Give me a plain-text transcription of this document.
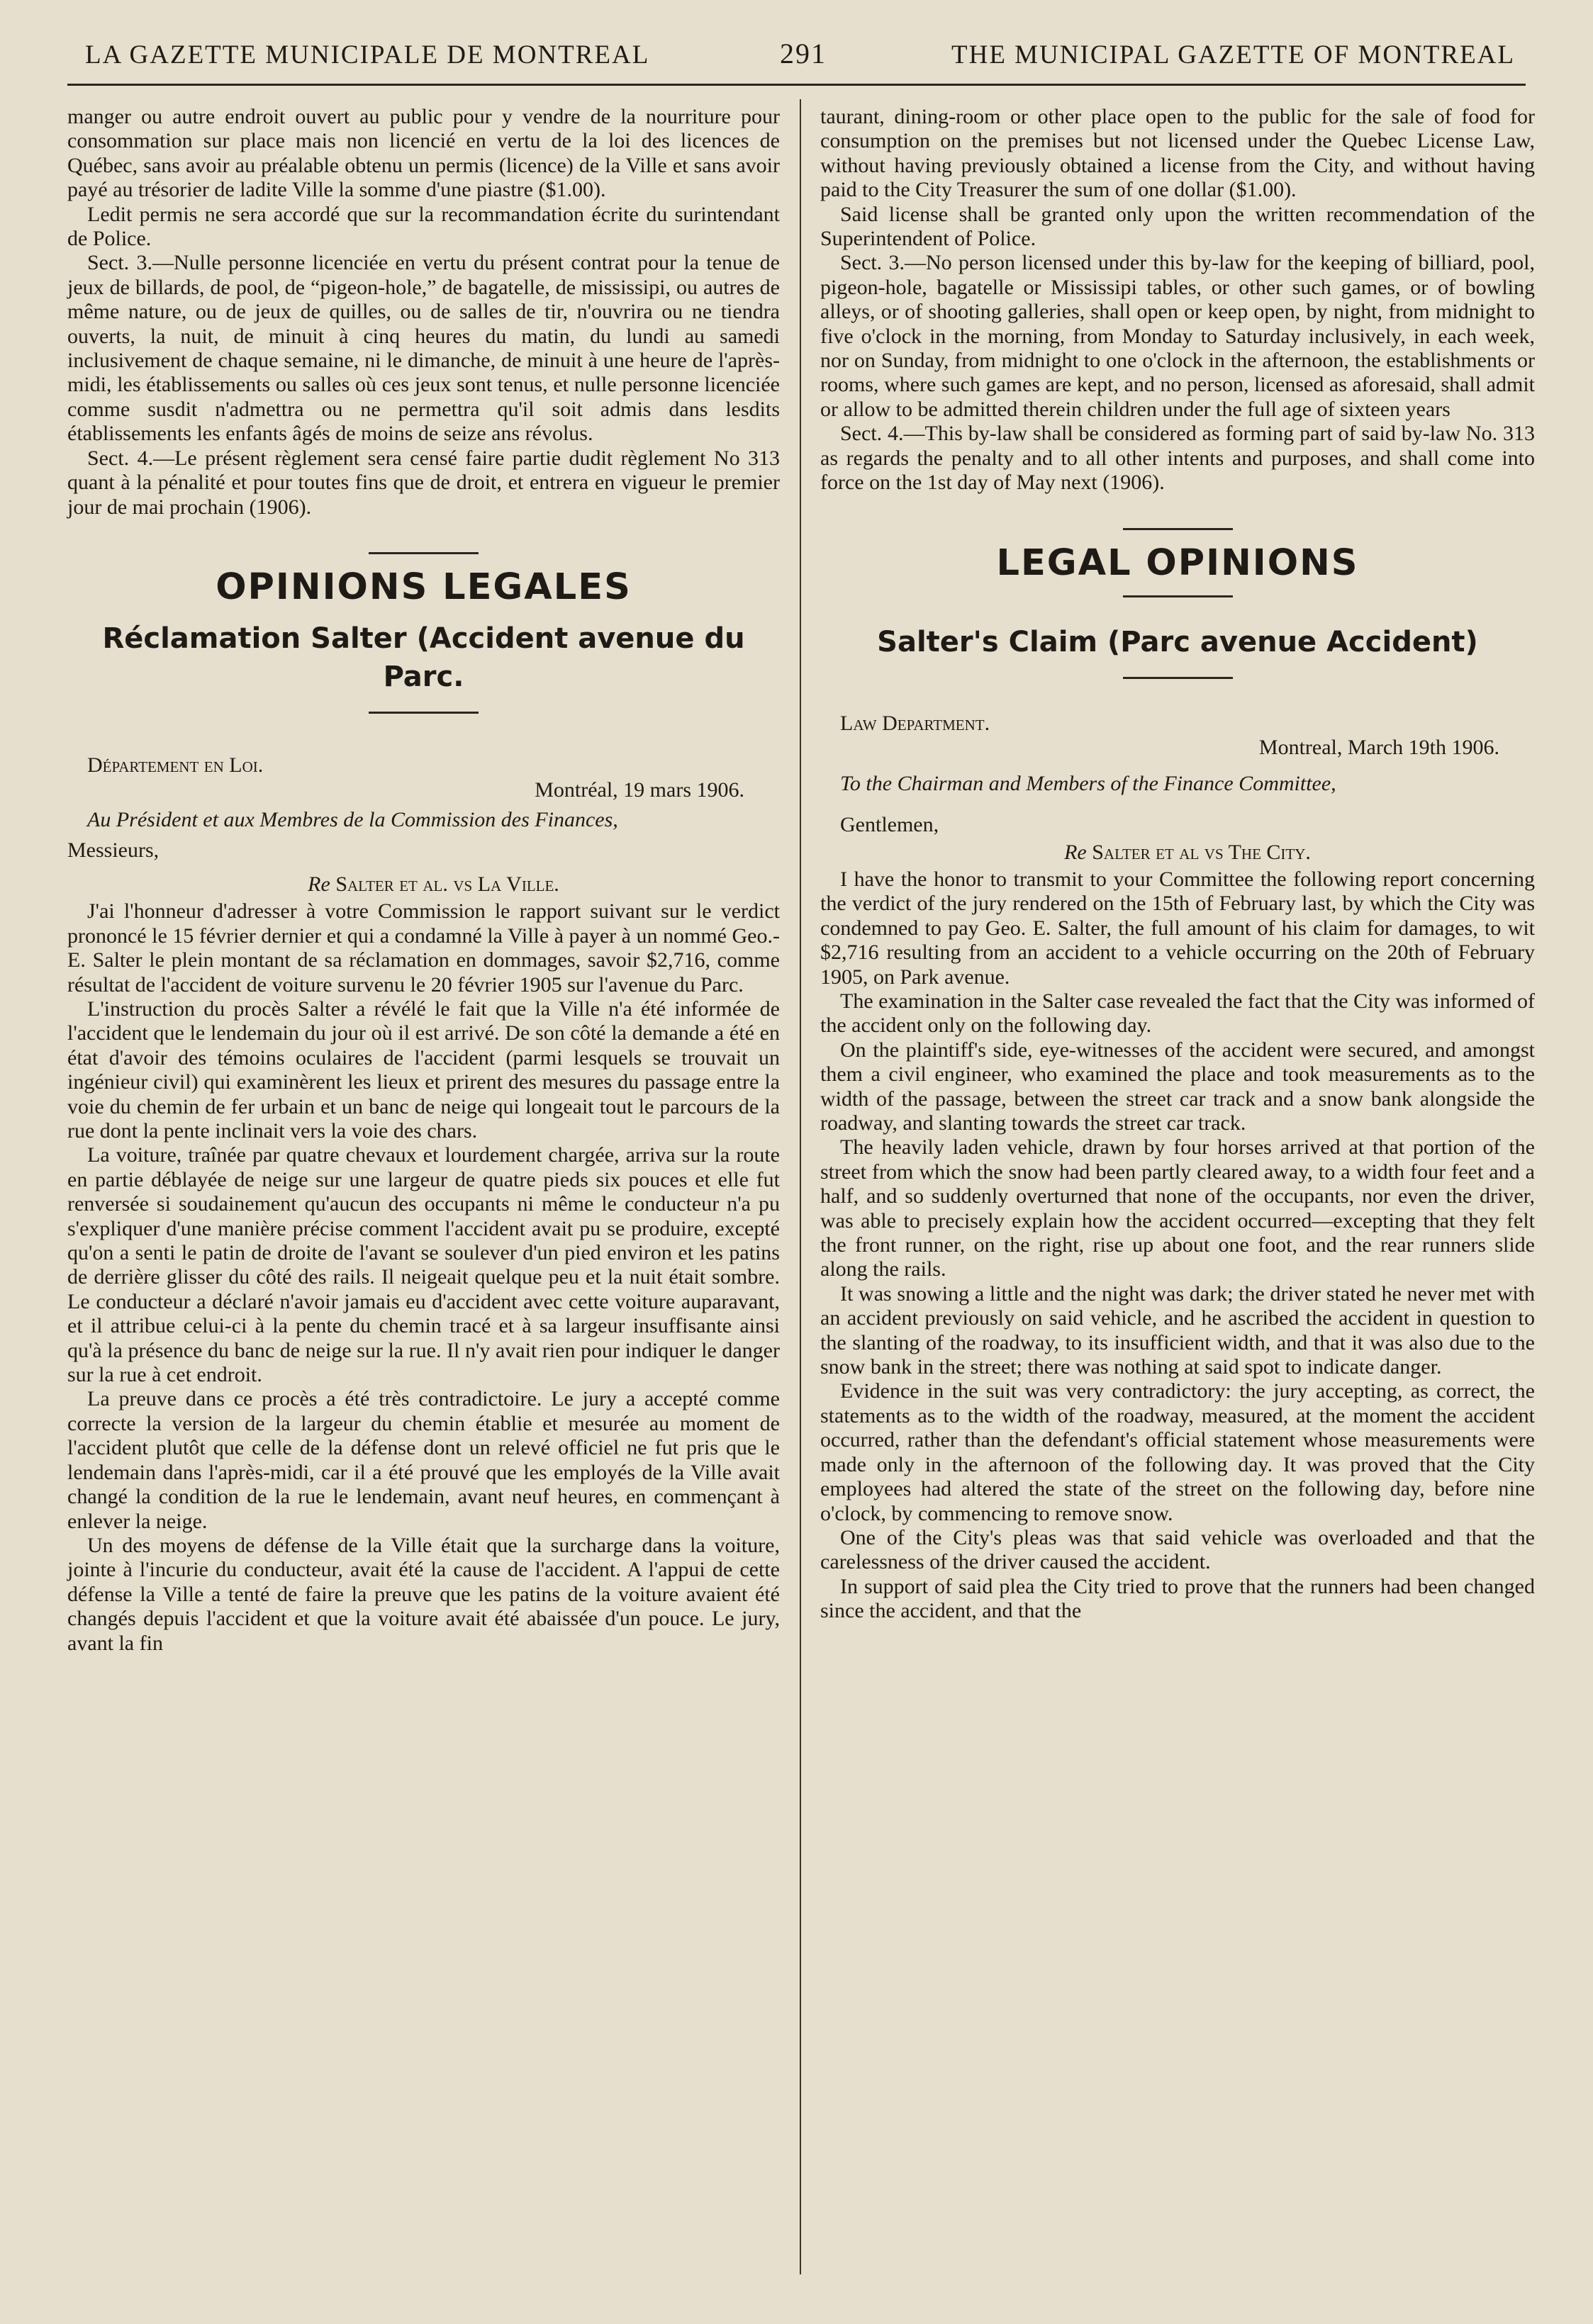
LA GAZETTE MUNICIPALE DE MONTREAL	291	THE MUNICIPAL GAZETTE OF MONTREAL

manger ou autre endroit ouvert au public pour y vendre de la nourriture pour consommation sur place mais non licencié en vertu de la loi des licences de Québec, sans avoir au préalable obtenu un permis (licence) de la Ville et sans avoir payé au trésorier de ladite Ville la somme d'une piastre ($1.00).

Ledit permis ne sera accordé que sur la recommandation écrite du surintendant de Police.

Sect. 3.—Nulle personne licenciée en vertu du présent contrat pour la tenue de jeux de billards, de pool, de “pigeon-hole,” de bagatelle, de mississipi, ou autres de même nature, ou de jeux de quilles, ou de salles de tir, n'ouvrira ou ne tiendra ouverts, la nuit, de minuit à cinq heures du matin, du lundi au samedi inclusivement de chaque semaine, ni le dimanche, de minuit à une heure de l'après-midi, les établissements ou salles où ces jeux sont tenus, et nulle personne licenciée comme susdit n'admettra ou ne permettra qu'il soit admis dans lesdits établissements les enfants âgés de moins de seize ans révolus.

Sect. 4.—Le présent règlement sera censé faire partie dudit règlement No 313 quant à la pénalité et pour toutes fins que de droit, et entrera en vigueur le premier jour de mai prochain (1906).

OPINIONS LEGALES
Réclamation Salter (Accident avenue du Parc.

Département en Loi.

Montréal, 19 mars 1906.

Au Président et aux Membres de la Commission des Finances,

Messieurs,

Re Salter et al. vs La Ville.

J'ai l'honneur d'adresser à votre Commission le rapport suivant sur le verdict prononcé le 15 février dernier et qui a condamné la Ville à payer à un nommé Geo.-E. Salter le plein montant de sa réclamation en dommages, savoir $2,716, comme résultat de l'accident de voiture survenu le 20 février 1905 sur l'avenue du Parc.

L'instruction du procès Salter a révélé le fait que la Ville n'a été informée de l'accident que le lendemain du jour où il est arrivé. De son côté la demande a été en état d'avoir des témoins oculaires de l'accident (parmi lesquels se trouvait un ingénieur civil) qui examinèrent les lieux et prirent des mesures du passage entre la voie du chemin de fer urbain et un banc de neige qui longeait tout le parcours de la rue dont la pente inclinait vers la voie des chars.

La voiture, traînée par quatre chevaux et lourdement chargée, arriva sur la route en partie déblayée de neige sur une largeur de quatre pieds six pouces et elle fut renversée si soudainement qu'aucun des occupants ni même le conducteur n'a pu s'expliquer d'une manière précise comment l'accident avait pu se produire, excepté qu'on a senti le patin de droite de l'avant se soulever d'un pied environ et les patins de derrière glisser du côté des rails. Il neigeait quelque peu et la nuit était sombre. Le conducteur a déclaré n'avoir jamais eu d'accident avec cette voiture auparavant, et il attribue celui-ci à la pente du chemin tracé et à sa largeur insuffisante ainsi qu'à la présence du banc de neige sur la rue. Il n'y avait rien pour indiquer le danger sur la rue à cet endroit.

La preuve dans ce procès a été très contradictoire. Le jury a accepté comme correcte la version de la largeur du chemin établie et mesurée au moment de l'accident plutôt que celle de la défense dont un relevé officiel ne fut pris que le lendemain dans l'après-midi, car il a été prouvé que les employés de la Ville avait changé la condition de la rue le lendemain, avant neuf heures, en commençant à enlever la neige.

Un des moyens de défense de la Ville était que la surcharge dans la voiture, jointe à l'incurie du conducteur, avait été la cause de l'accident. A l'appui de cette défense la Ville a tenté de faire la preuve que les patins de la voiture avaient été changés depuis l'accident et que la voiture avait été abaissée d'un pouce. Le jury, avant la fin

taurant, dining-room or other place open to the public for the sale of food for consumption on the premises but not licensed under the Quebec License Law, without having previously obtained a license from the City, and without having paid to the City Treasurer the sum of one dollar ($1.00).

Said license shall be granted only upon the written recommendation of the Superintendent of Police.

Sect. 3.—No person licensed under this by-law for the keeping of billiard, pool, pigeon-hole, bagatelle or Mississipi tables, or other such games, or of bowling alleys, or of shooting galleries, shall open or keep open, by night, from midnight to five o'clock in the morning, from Monday to Saturday inclusively, in each week, nor on Sunday, from midnight to one o'clock in the afternoon, the establishments or rooms, where such games are kept, and no person, licensed as aforesaid, shall admit or allow to be admitted therein children under the full age of sixteen years

Sect. 4.—This by-law shall be considered as forming part of said by-law No. 313 as regards the penalty and to all other intents and purposes, and shall come into force on the 1st day of May next (1906).

LEGAL OPINIONS
Salter's Claim (Parc avenue Accident)

Law Department.

Montreal, March 19th 1906.

To the Chairman and Members of the Finance Committee,

Gentlemen,

Re Salter et al vs The City.

I have the honor to transmit to your Committee the following report concerning the verdict of the jury rendered on the 15th of February last, by which the City was condemned to pay Geo. E. Salter, the full amount of his claim for damages, to wit $2,716 resulting from an accident to a vehicle occurring on the 20th of February 1905, on Park avenue.

The examination in the Salter case revealed the fact that the City was informed of the accident only on the following day.

On the plaintiff's side, eye-witnesses of the accident were secured, and amongst them a civil engineer, who examined the place and took measurements as to the width of the passage, between the street car track and a snow bank alongside the roadway, and slanting towards the street car track.

The heavily laden vehicle, drawn by four horses arrived at that portion of the street from which the snow had been partly cleared away, to a width four feet and a half, and so suddenly overturned that none of the occupants, nor even the driver, was able to precisely explain how the accident occurred—excepting that they felt the front runner, on the right, rise up about one foot, and the rear runners slide along the rails.

It was snowing a little and the night was dark; the driver stated he never met with an accident previously on said vehicle, and he ascribed the accident in question to the slanting of the roadway, to its insufficient width, and that it was also due to the snow bank in the street; there was nothing at said spot to indicate danger.

Evidence in the suit was very contradictory: the jury accepting, as correct, the statements as to the width of the roadway, measured, at the moment the accident occurred, rather than the defendant's official statement whose measurements were made only in the afternoon of the following day. It was proved that the City employees had altered the state of the street on the following day, before nine o'clock, by commencing to remove snow.

One of the City's pleas was that said vehicle was overloaded and that the carelessness of the driver caused the accident.

In support of said plea the City tried to prove that the runners had been changed since the accident, and that the
